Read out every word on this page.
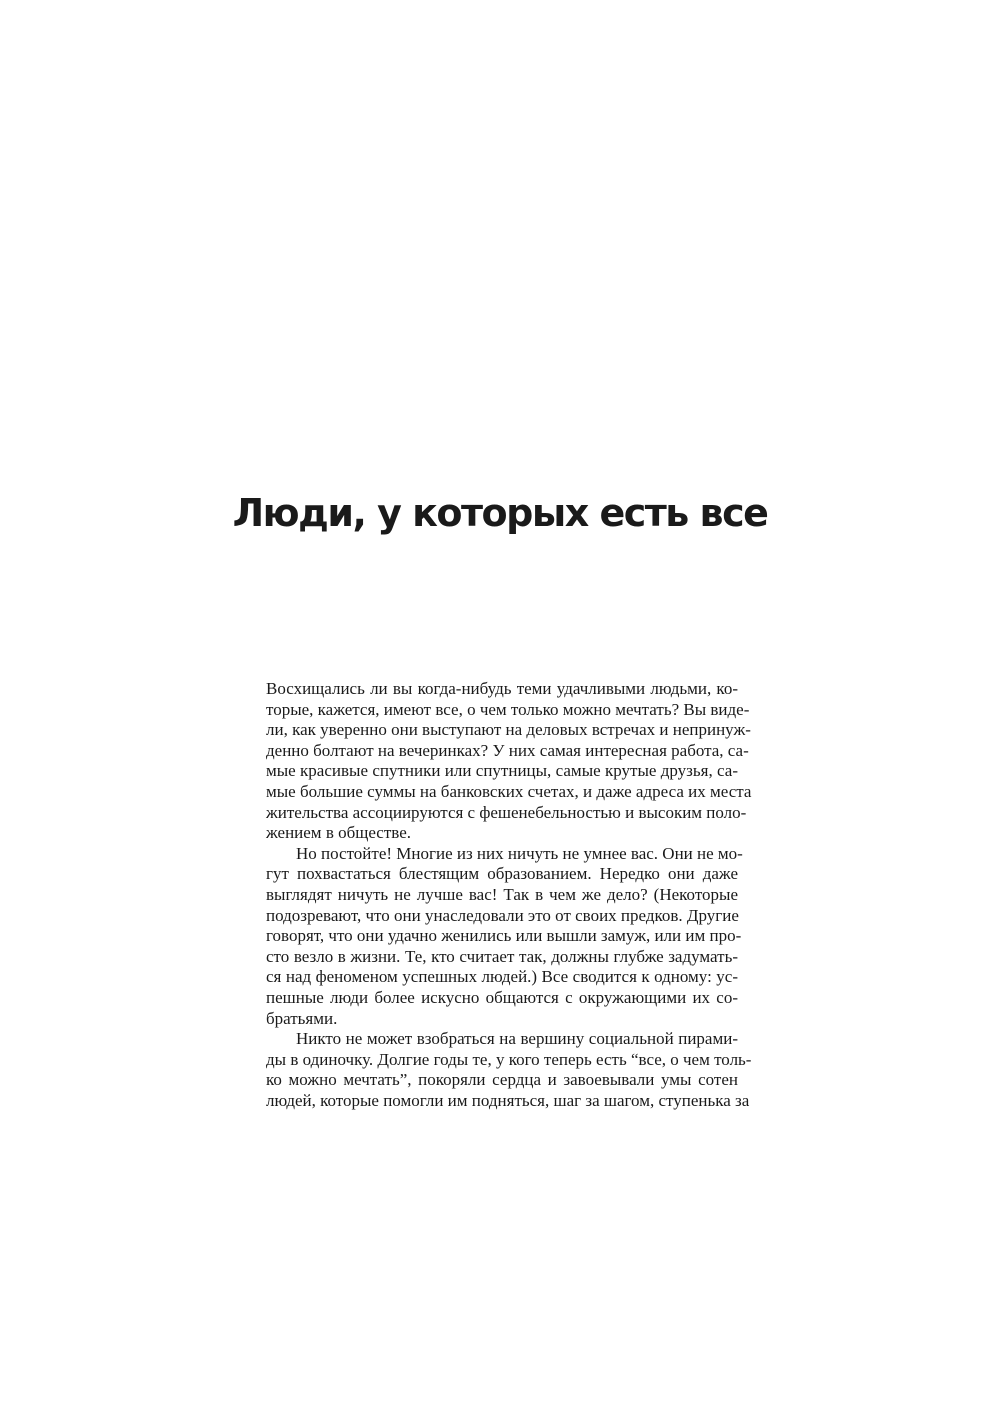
Люди, у которых есть все
Восхищались ли вы когда-нибудь теми удачливыми людьми, ко-
торые, кажется, имеют все, о чем только можно мечтать? Вы виде-
ли, как уверенно они выступают на деловых встречах и непринуж-
денно болтают на вечеринках? У них самая интересная работа, са-
мые красивые спутники или спутницы, самые крутые друзья, са-
мые большие суммы на банковских счетах, и даже адреса их места
жительства ассоциируются с фешенебельностью и высоким поло-
жением в обществе.
Но постойте! Многие из них ничуть не умнее вас. Они не мо-
гут похвастаться блестящим образованием. Нередко они даже
выглядят ничуть не лучше вас! Так в чем же дело? (Некоторые
подозревают, что они унаследовали это от своих предков. Другие
говорят, что они удачно женились или вышли замуж, или им про-
сто везло в жизни. Те, кто считает так, должны глубже задумать-
ся над феноменом успешных людей.) Все сводится к одному: ус-
пешные люди более искусно общаются с окружающими их со-
братьями.
Никто не может взобраться на вершину социальной пирами-
ды в одиночку. Долгие годы те, у кого теперь есть “все, о чем толь-
ко можно мечтать”, покоряли сердца и завоевывали умы сотен
людей, которые помогли им подняться, шаг за шагом, ступенька за
